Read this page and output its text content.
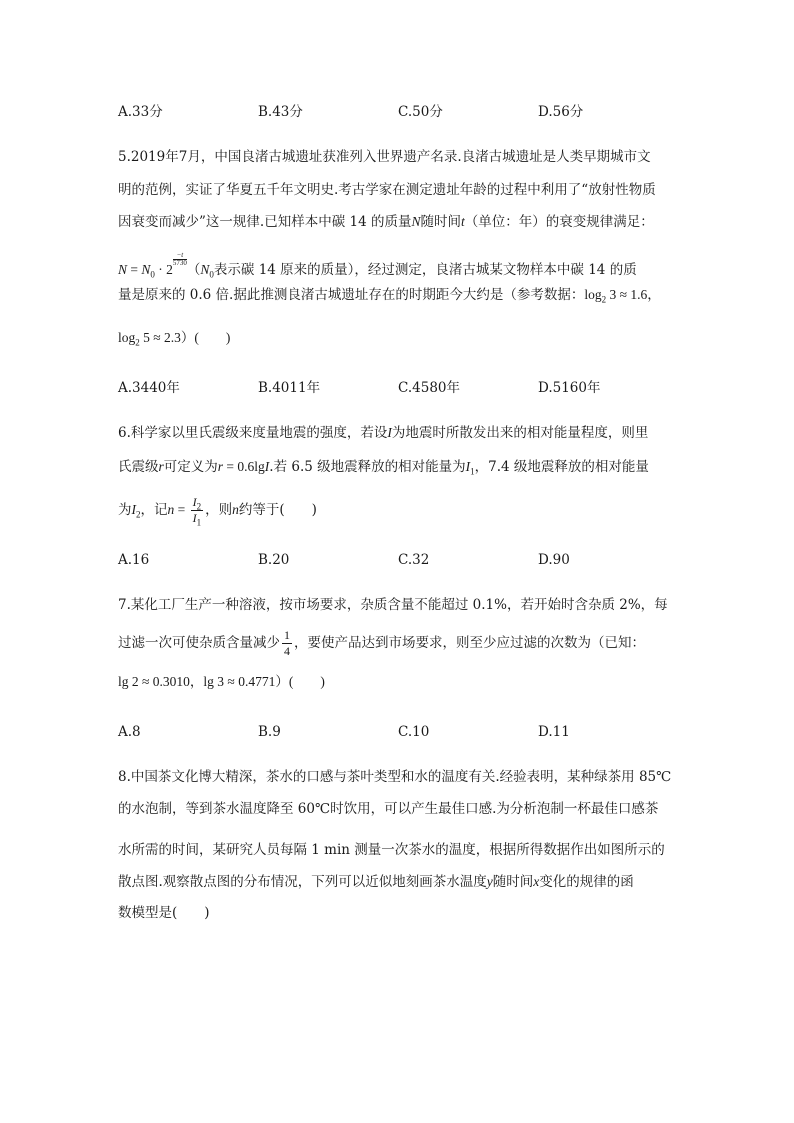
A.33分	B.43分	C.50分	D.56分
5.2019年7月，中国良渚古城遗址获准列入世界遗产名录.良渚古城遗址是人类早期城市文
明的范例，实证了华夏五千年文明史.考古学家在测定遗址年龄的过程中利用了“放射性物质
因衰变而减少”这一规律.已知样本中碳 14 的质量N随时间t（单位：年）的衰变规律满足：
$N = N_0 \cdot 2$
$\frac{-t}{5730}$
（$N_0$表示碳 14 原来的质量），经过测定，良渚古城某文物样本中碳 14 的质
量是原来的 0.6 倍.据此推测良渚古城遗址存在的时期距今大约是（参考数据：$\log_2 3 \approx 1.6$，
$\log_2 5 \approx 2.3$）(　　)
A.3440年	B.4011年	C.4580年	D.5160年
6.科学家以里氏震级来度量地震的强度，若设I为地震时所散发出来的相对能量程度，则里
氏震级r可定义为r = 0.6lgI.若 6.5 级地震释放的相对能量为$I_1$，7.4 级地震释放的相对能量
为$I_2$，记$n = \frac{I_2}{I_1}$ ，则n约等于(　　)
A.16	B.20	C.32	D.90
7.某化工厂生产一种溶液，按市场要求，杂质含量不能超过 0.1%，若开始时含杂质 2%，每
过滤一次可使杂质含量减少 $\frac{1}{4}$ ，要使产品达到市场要求，则至少应过滤的次数为（已知：
lg 2 ≈ 0.3010，lg 3 ≈ 0.4771）(　　)
A.8	B.9	C.10	D.11
8.中国茶文化博大精深，茶水的口感与茶叶类型和水的温度有关.经验表明，某种绿茶用 85℃
的水泡制，等到茶水温度降至 60℃时饮用，可以产生最佳口感.为分析泡制一杯最佳口感茶
水所需的时间，某研究人员每隔 1 min 测量一次茶水的温度，根据所得数据作出如图所示的
散点图.观察散点图的分布情况，下列可以近似地刻画茶水温度y随时间x变化的规律的函
数模型是(　　)
